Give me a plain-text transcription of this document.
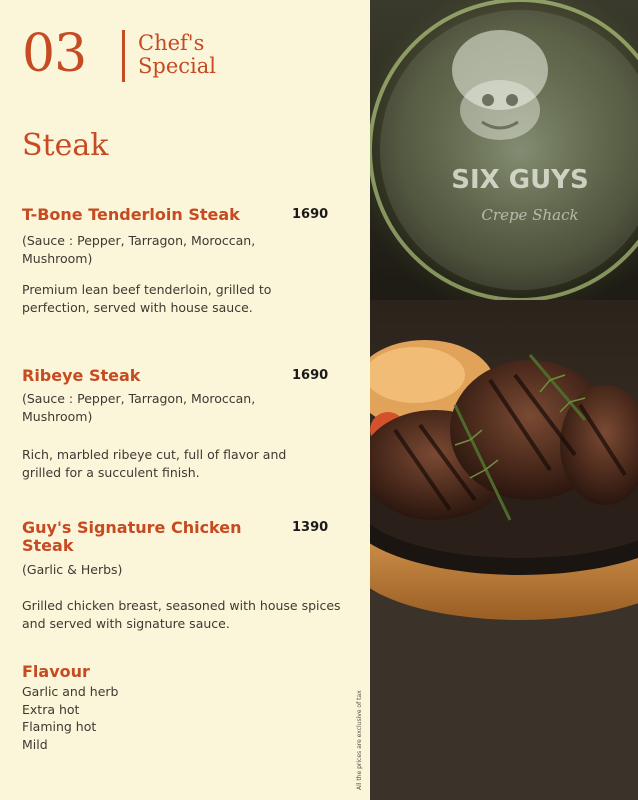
03 Chef's Special
Steak
T-Bone Tenderloin Steak	1690
(Sauce : Pepper, Tarragon, Moroccan, Mushroom)
Premium lean beef tenderloin, grilled to perfection, served with house sauce.
Ribeye Steak	1690
(Sauce : Pepper, Tarragon, Moroccan, Mushroom)
Rich, marbled ribeye cut, full of flavor and grilled for a succulent finish.
Guy's Signature Chicken Steak
1390
(Garlic & Herbs)
Grilled chicken breast, seasoned with house spices and served with signature sauce.
Flavour
Garlic and herb
Extra hot
Flaming hot
Mild	All the prices are exclusive of tax
SIX GUYS
Crepe Shack
